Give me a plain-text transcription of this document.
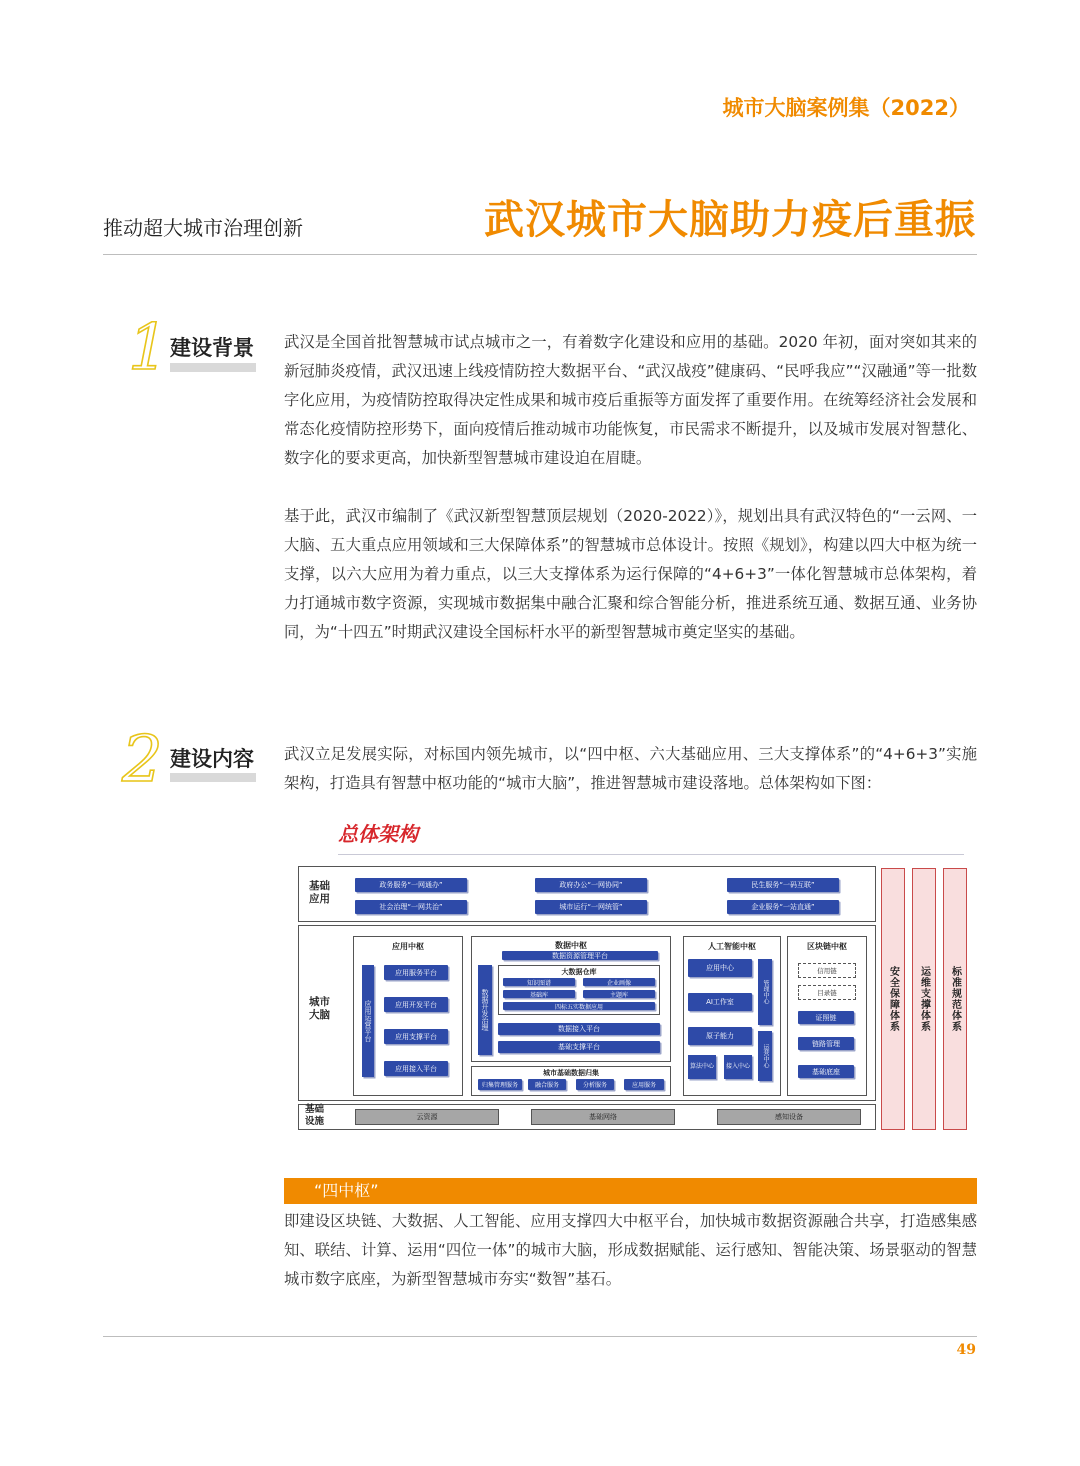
城市大脑案例集（2022）
推动超大城市治理创新	武汉城市大脑助力疫后重振
1 建设背景 武汉是全国首批智慧城市试点城市之一，有着数字化建设和应用的基础。2020 年初，面对突如其来的新冠肺炎疫情，武汉迅速上线疫情防控大数据平台、“武汉战疫”健康码、“民呼我应”“汉融通”等一批数字化应用，为疫情防控取得决定性成果和城市疫后重振等方面发挥了重要作用。在统筹经济社会发展和常态化疫情防控形势下，面向疫情后推动城市功能恢复，市民需求不断提升，以及城市发展对智慧化、数字化的要求更高，加快新型智慧城市建设迫在眉睫。

基于此，武汉市编制了《武汉新型智慧顶层规划（2020-2022）》，规划出具有武汉特色的“一云网、一大脑、五大重点应用领域和三大保障体系”的智慧城市总体设计。按照《规划》，构建以四大中枢为统一支撑，以六大应用为着力重点，以三大支撑体系为运行保障的“4+6+3”一体化智慧城市总体架构，着力打通城市数字资源，实现城市数据集中融合汇聚和综合智能分析，推进系统互通、数据互通、业务协同，为“十四五”时期武汉建设全国标杆水平的新型智慧城市奠定坚实的基础。

2 建设内容 武汉立足发展实际，对标国内领先城市，以“四中枢、六大基础应用、三大支撑体系”的“4+6+3”实施架构，打造具有智慧中枢功能的“城市大脑”，推进智慧城市建设落地。总体架构如下图：

总体架构
基础应用
政务服务“一网通办”
社会治理“一网共治”
政府办公“一网协同”
城市运行“一网统管”
民生服务“一码互联”
企业服务“一站直通”
城市大脑
应用中枢
应用运营平台
应用服务平台
应用开发平台
应用支撑平台
应用接入平台
数据中枢
数据资源管理平台
数据开发治理
大数据仓库
知识图谱	企业画像
基础库	主题库
四标五实数据应用
数据接入平台
基础支撑平台
城市基础数据归集
归集管理服务	融合服务	分析服务	应用服务
人工智能中枢
应用中心
AI工作室
原子能力
算法中心	接入中心
管理中心
运营中心
区块链中枢
信用链
目录链
证照链
链路管理
基础底座
基础设施	云资源	基础网络	感知设备
安全保障体系	运维支撑体系	标准规范体系
“四中枢”

即建设区块链、大数据、人工智能、应用支撑四大中枢平台，加快城市数据资源融合共享，打造感集感知、联结、计算、运用“四位一体”的城市大脑，形成数据赋能、运行感知、智能决策、场景驱动的智慧城市数字底座，为新型智慧城市夯实“数智”基石。

49
